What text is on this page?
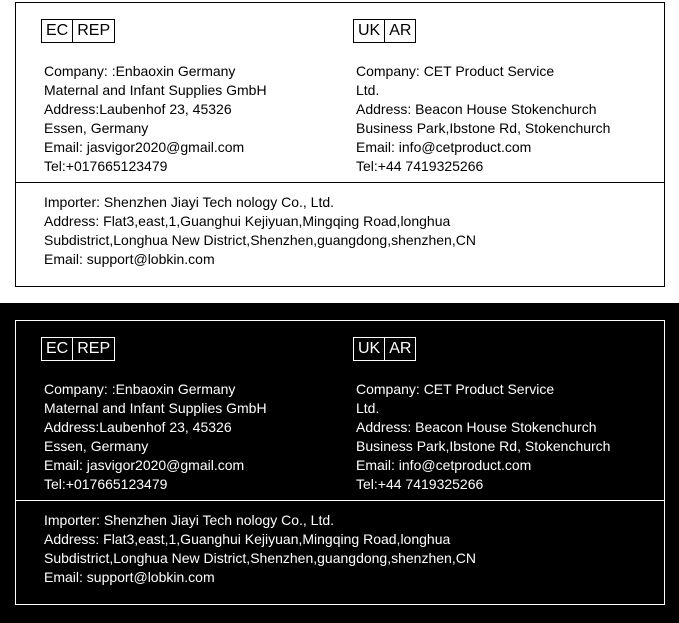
EC REP	UK AR
Company: :Enbaoxin Germany
Maternal and Infant Supplies GmbH
Address:Laubenhof 23, 45326
Essen, Germany
Email: jasvigor2020@gmail.com
Tel:+017665123479
Company: CET Product Service
Ltd.
Address: Beacon House Stokenchurch
Business Park,Ibstone Rd, Stokenchurch
Email: info@cetproduct.com
Tel:+44 7419325266
Importer: Shenzhen Jiayi Tech nology Co., Ltd.
Address: Flat3,east,1,Guanghui Kejiyuan,Mingqing Road,longhua
Subdistrict,Longhua New District,Shenzhen,guangdong,shenzhen,CN
Email: support@lobkin.com
EC REP	UK AR
Company: :Enbaoxin Germany
Maternal and Infant Supplies GmbH
Address:Laubenhof 23, 45326
Essen, Germany
Email: jasvigor2020@gmail.com
Tel:+017665123479
Company: CET Product Service
Ltd.
Address: Beacon House Stokenchurch
Business Park,Ibstone Rd, Stokenchurch
Email: info@cetproduct.com
Tel:+44 7419325266
Importer: Shenzhen Jiayi Tech nology Co., Ltd.
Address: Flat3,east,1,Guanghui Kejiyuan,Mingqing Road,longhua
Subdistrict,Longhua New District,Shenzhen,guangdong,shenzhen,CN
Email: support@lobkin.com
